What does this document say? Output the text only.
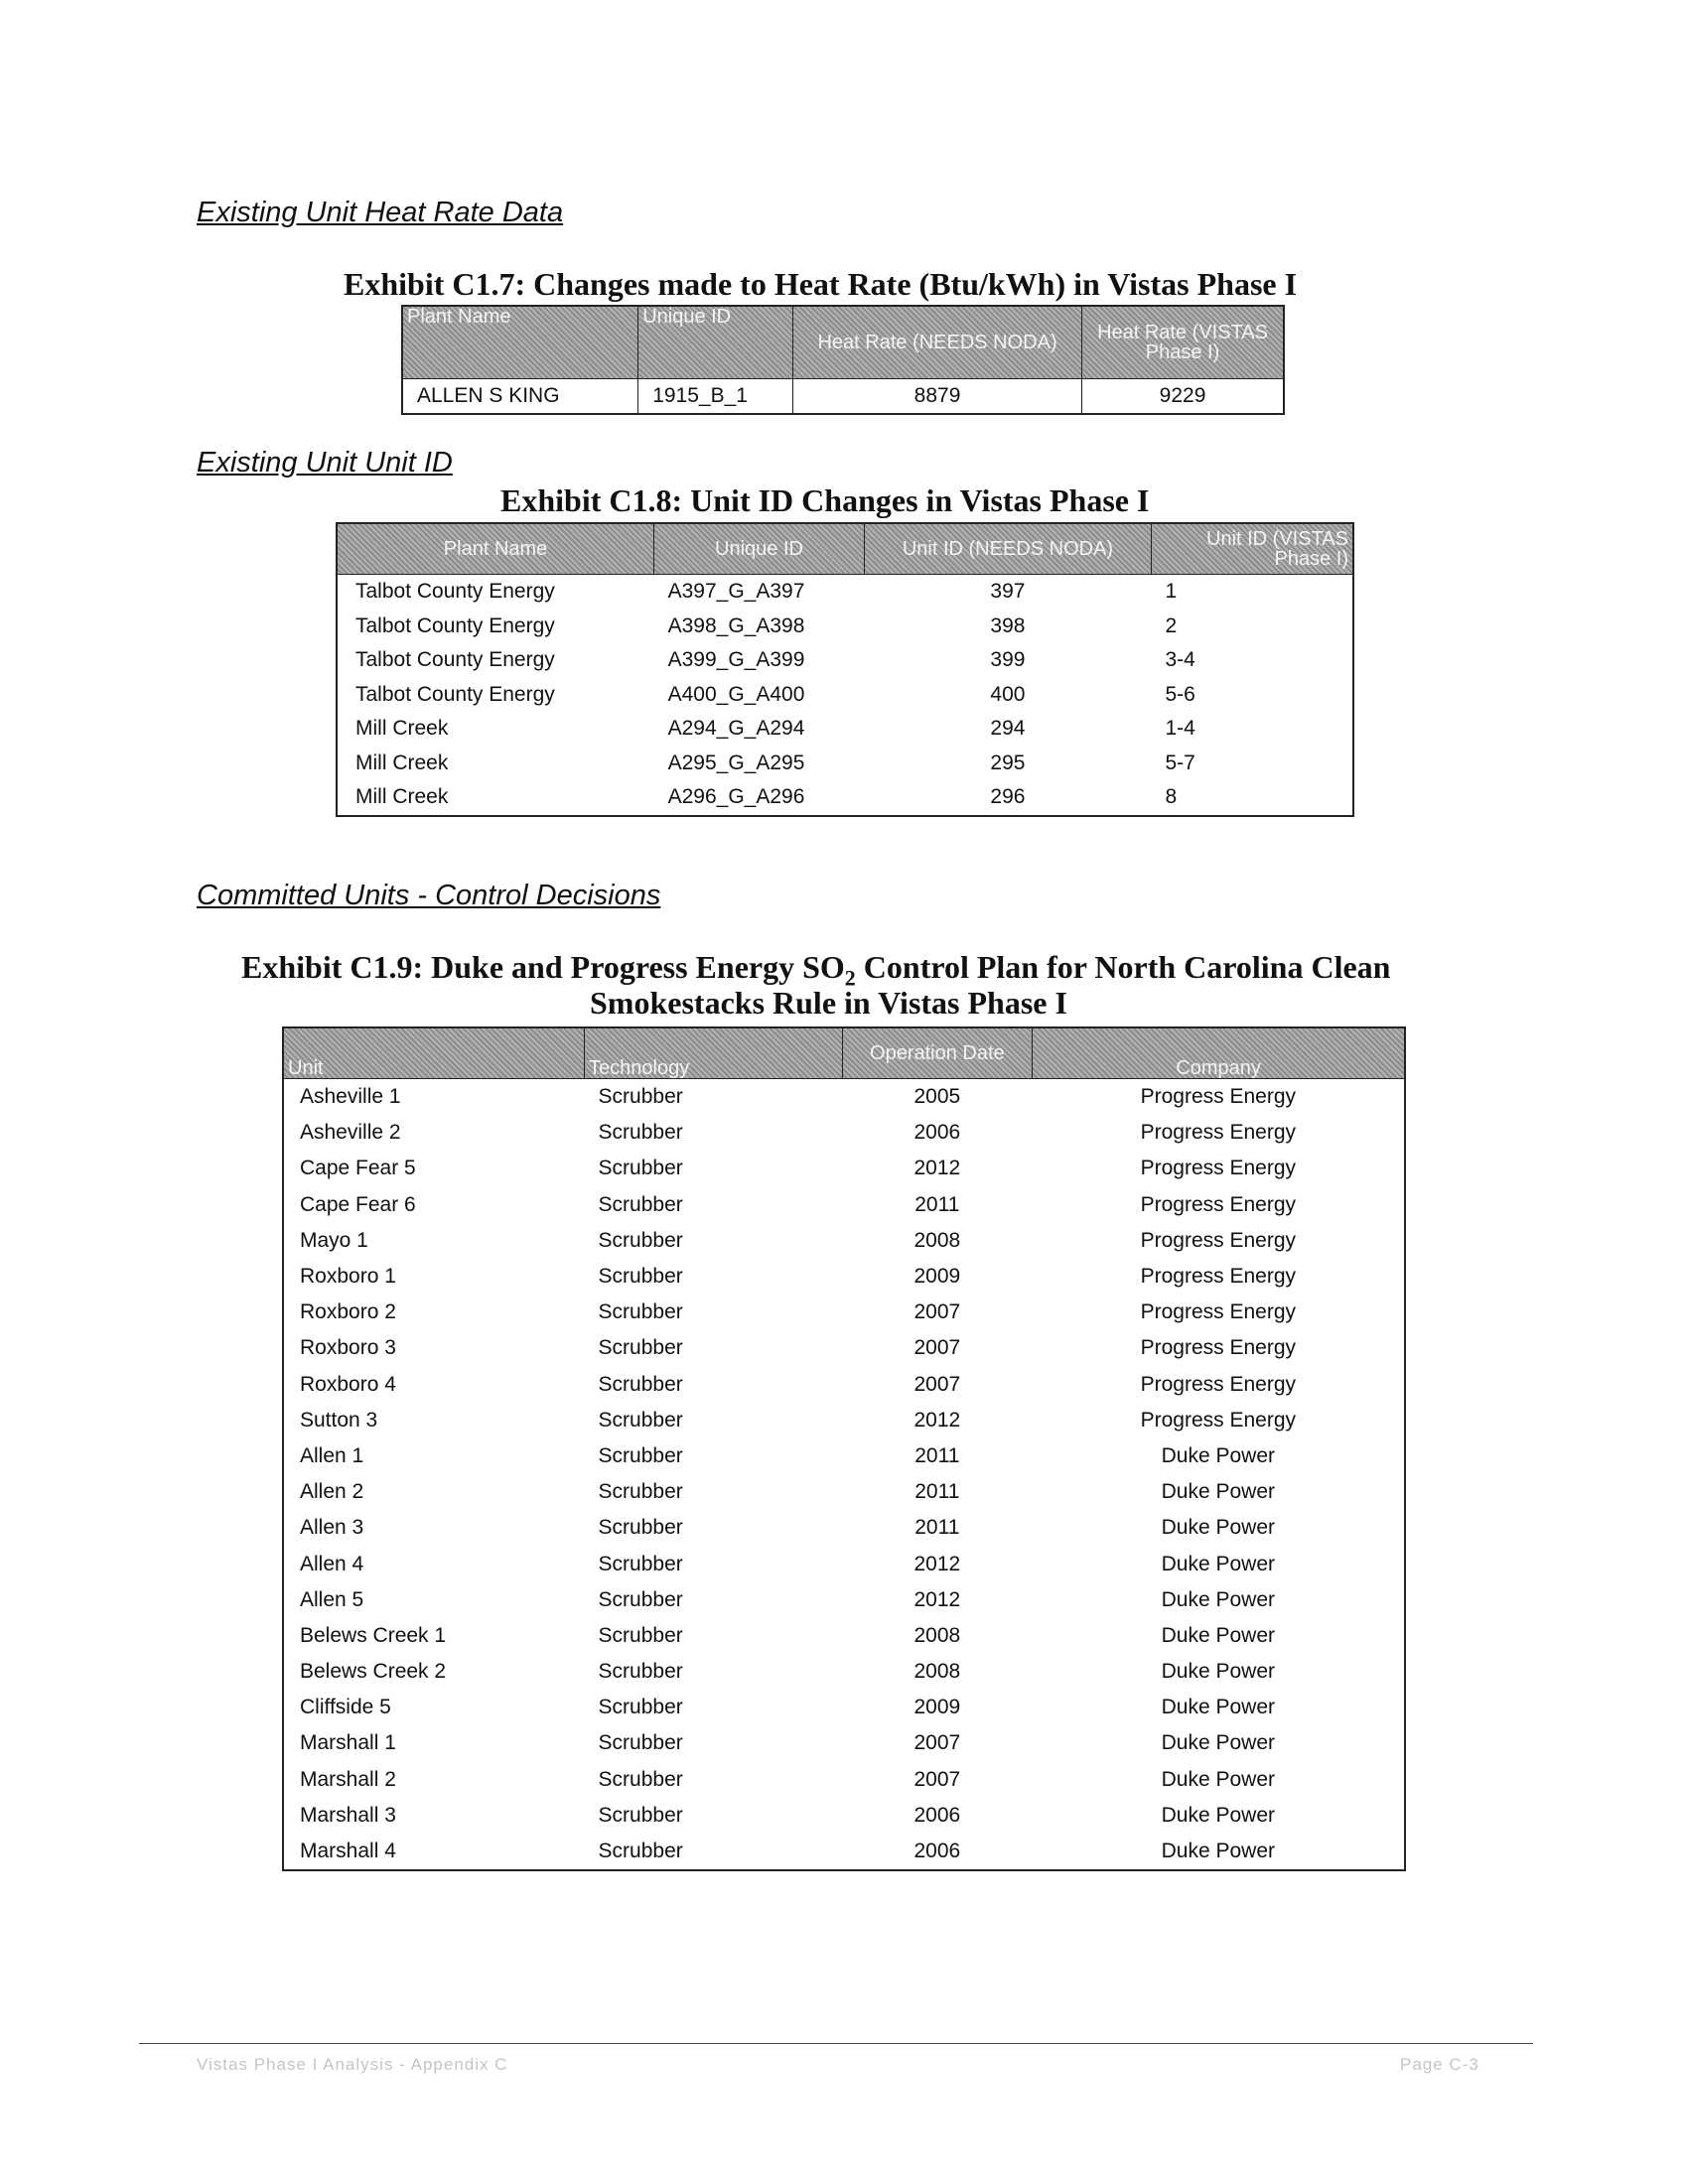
Existing Unit Heat Rate Data
Exhibit C1.7: Changes made to Heat Rate (Btu/kWh) in Vistas Phase I
Plant Name	Unique ID	Heat Rate (NEEDS NODA)	Heat Rate (VISTAS Phase I)
ALLEN S KING	1915_B_1	8879	9229
Existing Unit Unit ID
Exhibit C1.8: Unit ID Changes in Vistas Phase I
Plant Name	Unique ID	Unit ID (NEEDS NODA)	Unit ID (VISTAS Phase I)
Talbot County Energy	A397_G_A397	397	1
Talbot County Energy	A398_G_A398	398	2
Talbot County Energy	A399_G_A399	399	3-4
Talbot County Energy	A400_G_A400	400	5-6
Mill Creek	A294_G_A294	294	1-4
Mill Creek	A295_G_A295	295	5-7
Mill Creek	A296_G_A296	296	8
Committed Units - Control Decisions
Exhibit C1.9: Duke and Progress Energy $SO_2$ Control Plan for North Carolina Clean
Smokestacks Rule in Vistas Phase I
Unit	Technology	Operation Date	Company
Asheville 1	Scrubber	2005	Progress Energy
Asheville 2	Scrubber	2006	Progress Energy
Cape Fear 5	Scrubber	2012	Progress Energy
Cape Fear 6	Scrubber	2011	Progress Energy
Mayo 1	Scrubber	2008	Progress Energy
Roxboro 1	Scrubber	2009	Progress Energy
Roxboro 2	Scrubber	2007	Progress Energy
Roxboro 3	Scrubber	2007	Progress Energy
Roxboro 4	Scrubber	2007	Progress Energy
Sutton 3	Scrubber	2012	Progress Energy
Allen 1	Scrubber	2011	Duke Power
Allen 2	Scrubber	2011	Duke Power
Allen 3	Scrubber	2011	Duke Power
Allen 4	Scrubber	2012	Duke Power
Allen 5	Scrubber	2012	Duke Power
Belews Creek 1	Scrubber	2008	Duke Power
Belews Creek 2	Scrubber	2008	Duke Power
Cliffside 5	Scrubber	2009	Duke Power
Marshall 1	Scrubber	2007	Duke Power
Marshall 2	Scrubber	2007	Duke Power
Marshall 3	Scrubber	2006	Duke Power
Marshall 4	Scrubber	2006	Duke Power
Vistas Phase I Analysis - Appendix C	Page C-3
